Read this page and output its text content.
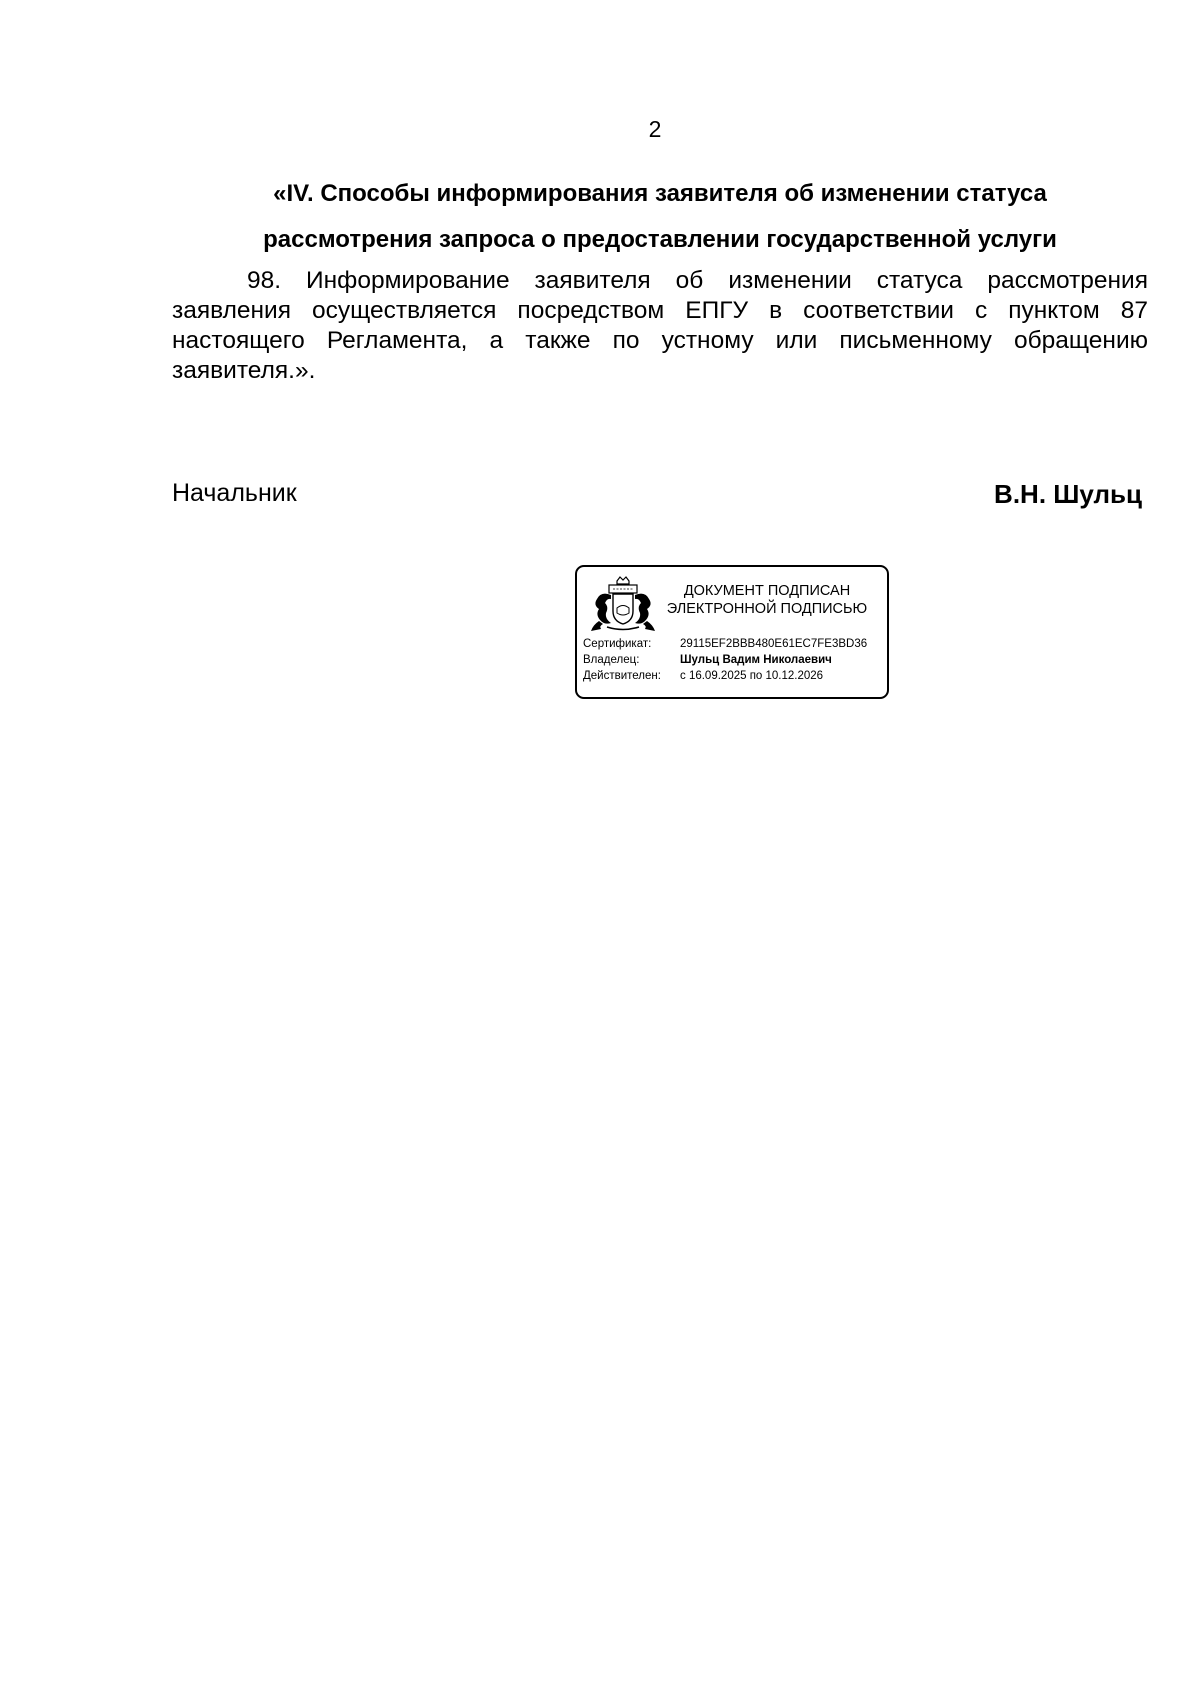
2
«IV. Способы информирования заявителя об изменении статуса
рассмотрения запроса о предоставлении государственной услуги

98. Информирование заявителя об изменении статуса рассмотрения
заявления осуществляется посредством ЕПГУ в соответствии с пунктом 87
настоящего Регламента, а также по устному или письменному обращению
заявителя.».

Начальник	В.Н. Шульц
ДОКУМЕНТ ПОДПИСАН
ЭЛЕКТРОННОЙ ПОДПИСЬЮ
Сертификат: 29115EF2BBB480E61EC7FE3BD36
Владелец:	Шульц Вадим Николаевич
Действителен: с 16.09.2025 по 10.12.2026
